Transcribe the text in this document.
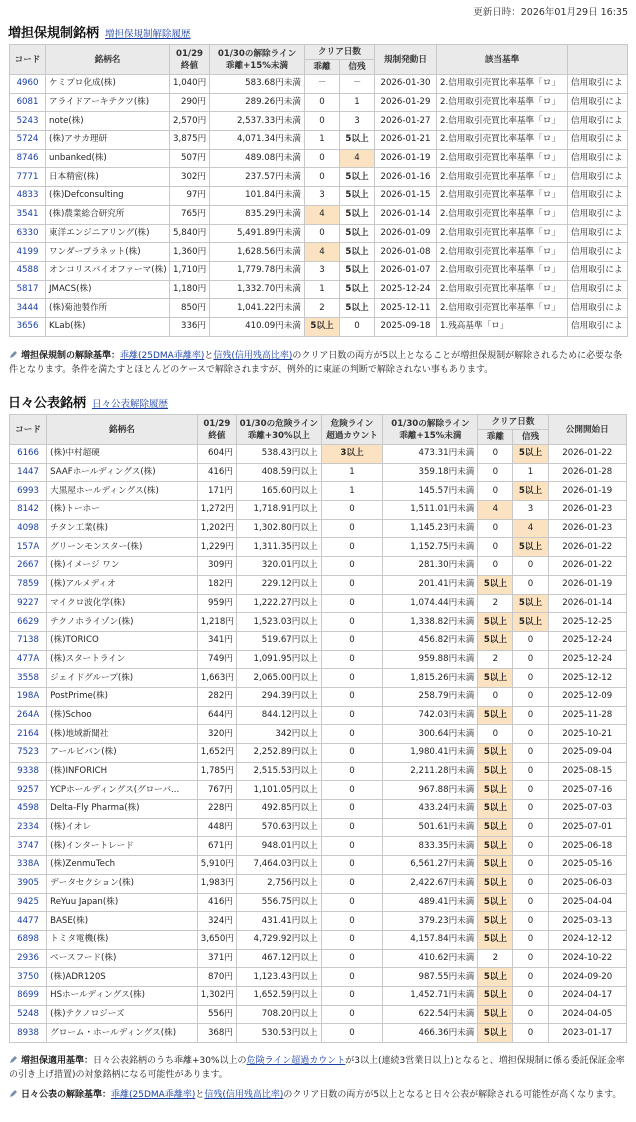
更新日時：2026年01月29日 16:35
増担保規制銘柄 増担保規制解除履歴
コード	銘柄名	01/29
終値	01/30の解除ライン
乖離+15%未満	クリア日数		規制発動日	該当基準	
				乖離	信残			
4960	ケミプロ化成(株)	1,040円	583.68円未満	－	－	2026-01-30	2.信用取引売買比率基準「ロ」	信用取引によ
6081	アライドアーキテクツ(株)	290円	289.26円未満	0	1	2026-01-29	2.信用取引売買比率基準「ロ」	信用取引によ
5243	note(株)	2,570円	2,537.33円未満	0	3	2026-01-27	2.信用取引売買比率基準「ロ」	信用取引によ
5724	(株)アサカ理研	3,875円	4,071.34円未満	1	5以上	2026-01-21	2.信用取引売買比率基準「ロ」	信用取引によ
8746	unbanked(株)	507円	489.08円未満	0	4	2026-01-19	2.信用取引売買比率基準「ロ」	信用取引によ
7771	日本精密(株)	302円	237.57円未満	0	5以上	2026-01-16	2.信用取引売買比率基準「ロ」	信用取引によ
4833	(株)Defconsulting	97円	101.84円未満	3	5以上	2026-01-15	2.信用取引売買比率基準「ロ」	信用取引によ
3541	(株)農業総合研究所	765円	835.29円未満	4	5以上	2026-01-14	2.信用取引売買比率基準「ロ」	信用取引によ
6330	東洋エンジニアリング(株)	5,840円	5,491.89円未満	0	5以上	2026-01-09	2.信用取引売買比率基準「ロ」	信用取引によ
4199	ワンダープラネット(株)	1,360円	1,628.56円未満	4	5以上	2026-01-08	2.信用取引売買比率基準「ロ」	信用取引によ
4588	オンコリスバイオファーマ(株)	1,710円	1,779.78円未満	3	5以上	2026-01-07	2.信用取引売買比率基準「ロ」	信用取引によ
5817	JMACS(株)	1,180円	1,332.70円未満	1	5以上	2025-12-24	2.信用取引売買比率基準「ロ」	信用取引によ
3444	(株)菊池製作所	850円	1,041.22円未満	2	5以上	2025-12-11	2.信用取引売買比率基準「ロ」	信用取引によ
3656	KLab(株)	336円	410.09円未満	5以上	0	2025-09-18	1.残高基準「ロ」	信用取引によ
増担保規制の解除基準：乖離(25DMA乖離率)と信残(信用残高比率)のクリア日数の両方が5以上となることが増担保規制が解除されるために必要な条件となります。条件を満たすとほとんどのケースで解除されますが、例外的に東証の判断で解除されない事もあります。
日々公表銘柄 日々公表解除履歴
コード	銘柄名	01/29
終値	01/30の危険ライン
乖離+30%以上	危険ライン
超過カウント	01/30の解除ライン
乖離+15%未満	クリア日数		公開開始日
						乖離	信残	
6166	(株)中村超硬	604円	538.43円以上	3以上	473.31円未満	0	5以上	2026-01-22
1447	SAAFホールディングス(株)	416円	408.59円以上	1	359.18円未満	0	1	2026-01-28
6993	大黒屋ホールディングス(株)	171円	165.60円以上	1	145.57円未満	0	5以上	2026-01-19
8142	(株)トーホー	1,272円	1,718.91円以上	0	1,511.01円未満	4	3	2026-01-23
4098	チタン工業(株)	1,202円	1,302.80円以上	0	1,145.23円未満	0	4	2026-01-23
157A	グリーンモンスター(株)	1,229円	1,311.35円以上	0	1,152.75円未満	0	5以上	2026-01-22
2667	(株)イメージ ワン	309円	320.01円以上	0	281.30円未満	0	0	2026-01-22
7859	(株)アルメディオ	182円	229.12円以上	0	201.41円未満	5以上	0	2026-01-19
9227	マイクロ波化学(株)	959円	1,222.27円以上	0	1,074.44円未満	2	5以上	2026-01-14
6629	テクノホライゾン(株)	1,218円	1,523.03円以上	0	1,338.82円未満	5以上	5以上	2025-12-25
7138	(株)TORICO	341円	519.67円以上	0	456.82円未満	5以上	0	2025-12-24
477A	(株)スタートライン	749円	1,091.95円以上	0	959.88円未満	2	0	2025-12-24
3558	ジェイドグループ(株)	1,663円	2,065.00円以上	0	1,815.26円未満	5以上	0	2025-12-12
198A	PostPrime(株)	282円	294.39円以上	0	258.79円未満	0	0	2025-12-09
264A	(株)Schoo	644円	844.12円以上	0	742.03円未満	5以上	0	2025-11-28
2164	(株)地域新聞社	320円	342円以上	0	300.64円未満	0	0	2025-10-21
7523	アールビバン(株)	1,652円	2,252.89円以上	0	1,980.41円未満	5以上	0	2025-09-04
9338	(株)INFORICH	1,785円	2,515.53円以上	0	2,211.28円未満	5以上	0	2025-08-15
9257	YCPホールディングス(グローバ...	767円	1,101.05円以上	0	967.88円未満	5以上	0	2025-07-16
4598	Delta-Fly Pharma(株)	228円	492.85円以上	0	433.24円未満	5以上	0	2025-07-03
2334	(株)イオレ	448円	570.63円以上	0	501.61円未満	5以上	0	2025-07-01
3747	(株)インタートレード	671円	948.01円以上	0	833.35円未満	5以上	0	2025-06-18
338A	(株)ZenmuTech	5,910円	7,464.03円以上	0	6,561.27円未満	5以上	0	2025-05-16
3905	データセクション(株)	1,983円	2,756円以上	0	2,422.67円未満	5以上	0	2025-06-03
9425	ReYuu Japan(株)	416円	556.75円以上	0	489.41円未満	5以上	0	2025-04-04
4477	BASE(株)	324円	431.41円以上	0	379.23円未満	5以上	0	2025-03-13
6898	トミタ電機(株)	3,650円	4,729.92円以上	0	4,157.84円未満	5以上	0	2024-12-12
2936	ベースフード(株)	371円	467.12円以上	0	410.62円未満	2	0	2024-10-22
3750	(株)ADR120S	870円	1,123.43円以上	0	987.55円未満	5以上	0	2024-09-20
8699	HSホールディングス(株)	1,302円	1,652.59円以上	0	1,452.71円未満	5以上	0	2024-04-17
5248	(株)テクノロジーズ	556円	708.20円以上	0	622.54円未満	5以上	0	2024-04-05
8938	グローム・ホールディングス(株)	368円	530.53円以上	0	466.36円未満	5以上	0	2023-01-17
増担保適用基準：日々公表銘柄のうち乖離+30%以上の危険ライン超過カウントが3以上(連続3営業日以上)となると、増担保規制に係る委託保証金率の引き上げ措置)の対象銘柄になる可能性があります。
日々公表の解除基準：乖離(25DMA乖離率)と信残(信用残高比率)のクリア日数の両方が5以上となると日々公表が解除される可能性が高くなります。
